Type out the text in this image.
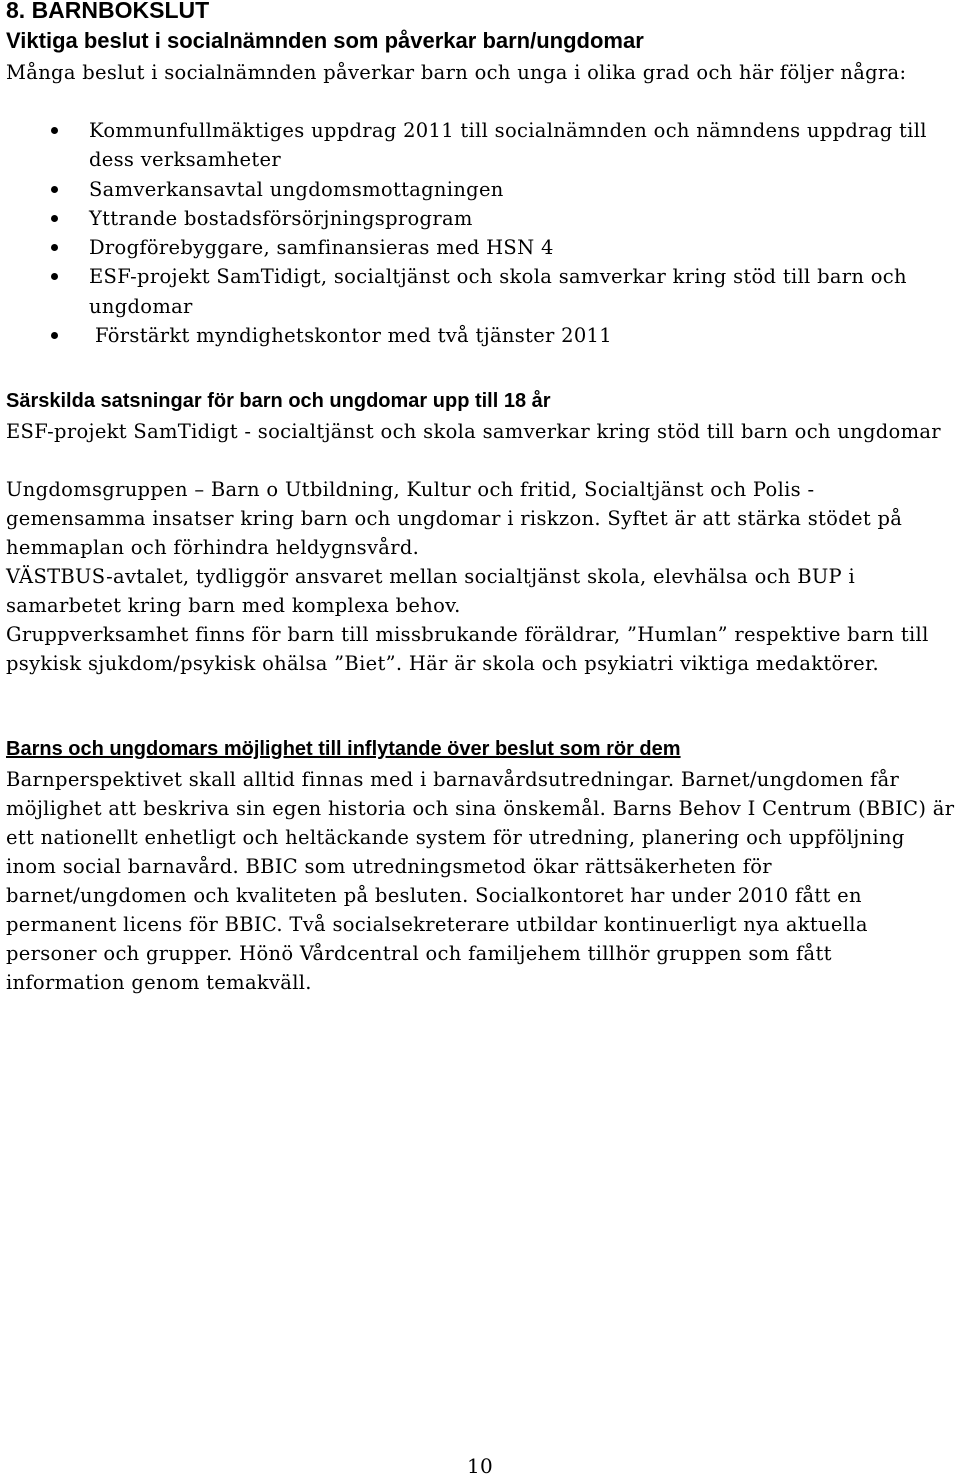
8. BARNBOKSLUT
Viktiga beslut i socialnämnden som påverkar barn/ungdomar

Många beslut i socialnämnden påverkar barn och unga i olika grad och här följer några:

Kommunfullmäktiges uppdrag 2011 till socialnämnden och nämndens uppdrag till dess verksamheter
Samverkansavtal ungdomsmottagningen
Yttrande bostadsförsörjningsprogram
Drogförebyggare, samfinansieras med HSN 4
ESF-projekt SamTidigt, socialtjänst och skola samverkar kring stöd till barn och ungdomar
Förstärkt myndighetskontor med två tjänster 2011
Särskilda satsningar för barn och ungdomar upp till 18 år

ESF-projekt SamTidigt - socialtjänst och skola samverkar kring stöd till barn och ungdomar

Ungdomsgruppen – Barn o Utbildning, Kultur och fritid, Socialtjänst och Polis - gemensamma insatser kring barn och ungdomar i riskzon. Syftet är att stärka stödet på hemmaplan och förhindra heldygnsvård.

VÄSTBUS-avtalet, tydliggör ansvaret mellan socialtjänst skola, elevhälsa och BUP i samarbetet kring barn med komplexa behov.

Gruppverksamhet finns för barn till missbrukande föräldrar, ”Humlan” respektive barn till psykisk sjukdom/psykisk ohälsa ”Biet”. Här är skola och psykiatri viktiga medaktörer.

Barns och ungdomars möjlighet till inflytande över beslut som rör dem

Barnperspektivet skall alltid finnas med i barnavårdsutredningar. Barnet/ungdomen får möjlighet att beskriva sin egen historia och sina önskemål. Barns Behov I Centrum (BBIC) är ett nationellt enhetligt och heltäckande system för utredning, planering och uppföljning inom social barnavård. BBIC som utredningsmetod ökar rättsäkerheten för barnet/ungdomen och kvaliteten på besluten. Socialkontoret har under 2010 fått en permanent licens för BBIC. Två socialsekreterare utbildar kontinuerligt nya aktuella personer och grupper. Hönö Vårdcentral och familjehem tillhör gruppen som fått information genom temakväll.

10
